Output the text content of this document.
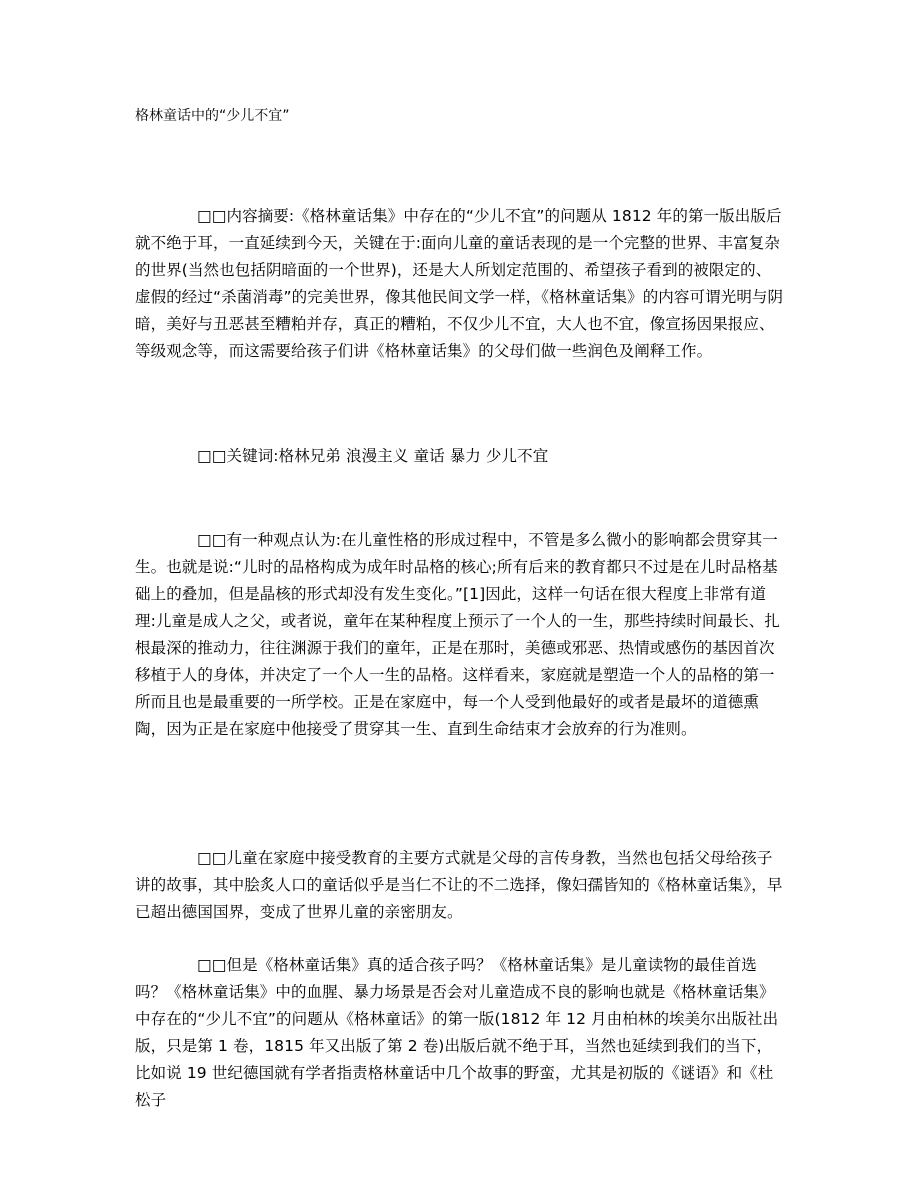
格林童话中的“少儿不宜”

□□内容摘要:《格林童话集》中存在的“少儿不宜”的问题从 1812 年的第一版出版后就不绝于耳，一直延续到今天，关键在于:面向儿童的童话表现的是一个完整的世界、丰富复杂的世界(当然也包括阴暗面的一个世界)，还是大人所划定范围的、希望孩子看到的被限定的、虚假的经过“杀菌消毒”的完美世界，像其他民间文学一样，《格林童话集》的内容可谓光明与阴暗，美好与丑恶甚至糟粕并存，真正的糟粕，不仅少儿不宜，大人也不宜，像宣扬因果报应、等级观念等，而这需要给孩子们讲《格林童话集》的父母们做一些润色及阐释工作。

□□关键词:格林兄弟 浪漫主义 童话 暴力 少儿不宜

□□有一种观点认为:在儿童性格的形成过程中，不管是多么微小的影响都会贯穿其一生。也就是说:“儿时的品格构成为成年时品格的核心;所有后来的教育都只不过是在儿时品格基础上的叠加，但是晶核的形式却没有发生变化。”[1]因此，这样一句话在很大程度上非常有道理:儿童是成人之父，或者说，童年在某种程度上预示了一个人的一生，那些持续时间最长、扎根最深的推动力，往往渊源于我们的童年，正是在那时，美德或邪恶、热情或感伤的基因首次移植于人的身体，并决定了一个人一生的品格。这样看来，家庭就是塑造一个人的品格的第一所而且也是最重要的一所学校。正是在家庭中，每一个人受到他最好的或者是最坏的道德熏陶，因为正是在家庭中他接受了贯穿其一生、直到生命结束才会放弃的行为准则。

□□儿童在家庭中接受教育的主要方式就是父母的言传身教，当然也包括父母给孩子讲的故事，其中脍炙人口的童话似乎是当仁不让的不二选择，像妇孺皆知的《格林童话集》，早已超出德国国界，变成了世界儿童的亲密朋友。

□□但是《格林童话集》真的适合孩子吗？《格林童话集》是儿童读物的最佳首选吗？《格林童话集》中的血腥、暴力场景是否会对儿童造成不良的影响也就是《格林童话集》中存在的“少儿不宜”的问题从《格林童话》的第一版(1812 年 12 月由柏林的埃美尔出版社出版，只是第 1 卷，1815 年又出版了第 2 卷)出版后就不绝于耳，当然也延续到我们的当下，比如说 19 世纪德国就有学者指责格林童话中几个故事的野蛮，尤其是初版的《谜语》和《杜松子
